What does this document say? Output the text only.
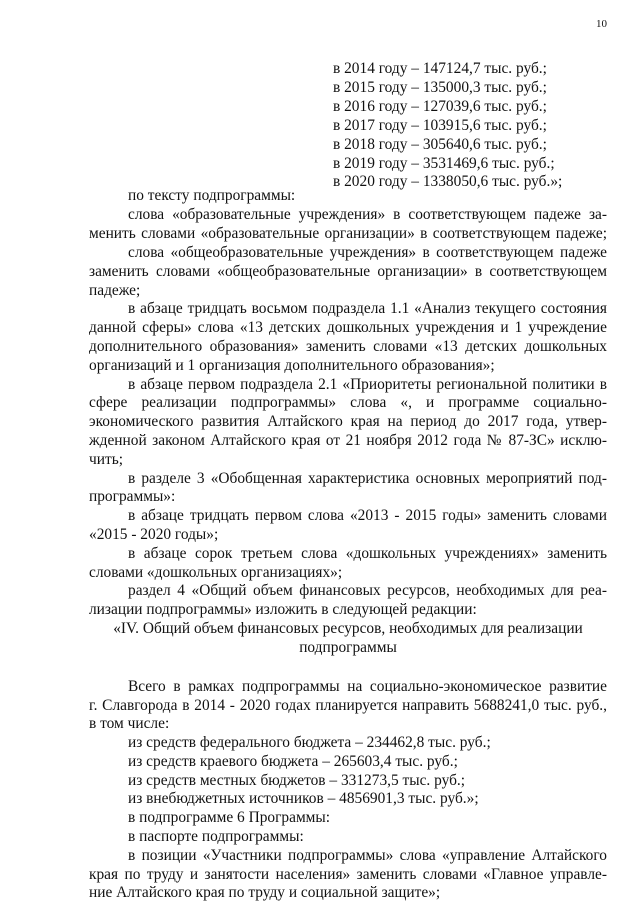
10
в 2014 году – 147124,7 тыс. руб.;
в 2015 году – 135000,3 тыс. руб.;
в 2016 году – 127039,6 тыс. руб.;
в 2017 году – 103915,6 тыс. руб.;
в 2018 году – 305640,6 тыс. руб.;
в 2019 году – 3531469,6 тыс. руб.;
в 2020 году – 1338050,6 тыс. руб.»;
по тексту подпрограммы:
слова «образовательные учреждения» в соответствующем падеже за-
менить словами «образовательные организации» в соответствующем падеже;
слова «общеобразовательные учреждения» в соответствующем падеже
заменить словами «общеобразовательные организации» в соответствующем
падеже;
в абзаце тридцать восьмом подраздела 1.1 «Анализ текущего состояния
данной сферы» слова «13 детских дошкольных учреждения и 1 учреждение
дополнительного образования» заменить словами «13 детских дошкольных
организаций и 1 организация дополнительного образования»;
в абзаце первом подраздела 2.1 «Приоритеты региональной политики в
сфере реализации подпрограммы» слова «, и программе социально-
экономического развития Алтайского края на период до 2017 года, утвер-
жденной законом Алтайского края от 21 ноября 2012 года № 87-ЗС» исклю-
чить;
в разделе 3 «Обобщенная характеристика основных мероприятий под-
программы»:
в абзаце тридцать первом слова «2013 - 2015 годы» заменить словами
«2015 - 2020 годы»;
в абзаце сорок третьем слова «дошкольных учреждениях» заменить
словами «дошкольных организациях»;
раздел 4 «Общий объем финансовых ресурсов, необходимых для реа-
лизации подпрограммы» изложить в следующей редакции:
«IV. Общий объем финансовых ресурсов, необходимых для реализации
подпрограммы
Всего в рамках подпрограммы на социально-экономическое развитие
г. Славгорода в 2014 - 2020 годах планируется направить 5688241,0 тыс. руб.,
в том числе:
из средств федерального бюджета – 234462,8 тыс. руб.;
из средств краевого бюджета – 265603,4 тыс. руб.;
из средств местных бюджетов – 331273,5 тыс. руб.;
из внебюджетных источников – 4856901,3 тыс. руб.»;
в подпрограмме 6 Программы:
в паспорте подпрограммы:
в позиции «Участники подпрограммы» слова «управление Алтайского
края по труду и занятости населения» заменить словами «Главное управле-
ние Алтайского края по труду и социальной защите»;
